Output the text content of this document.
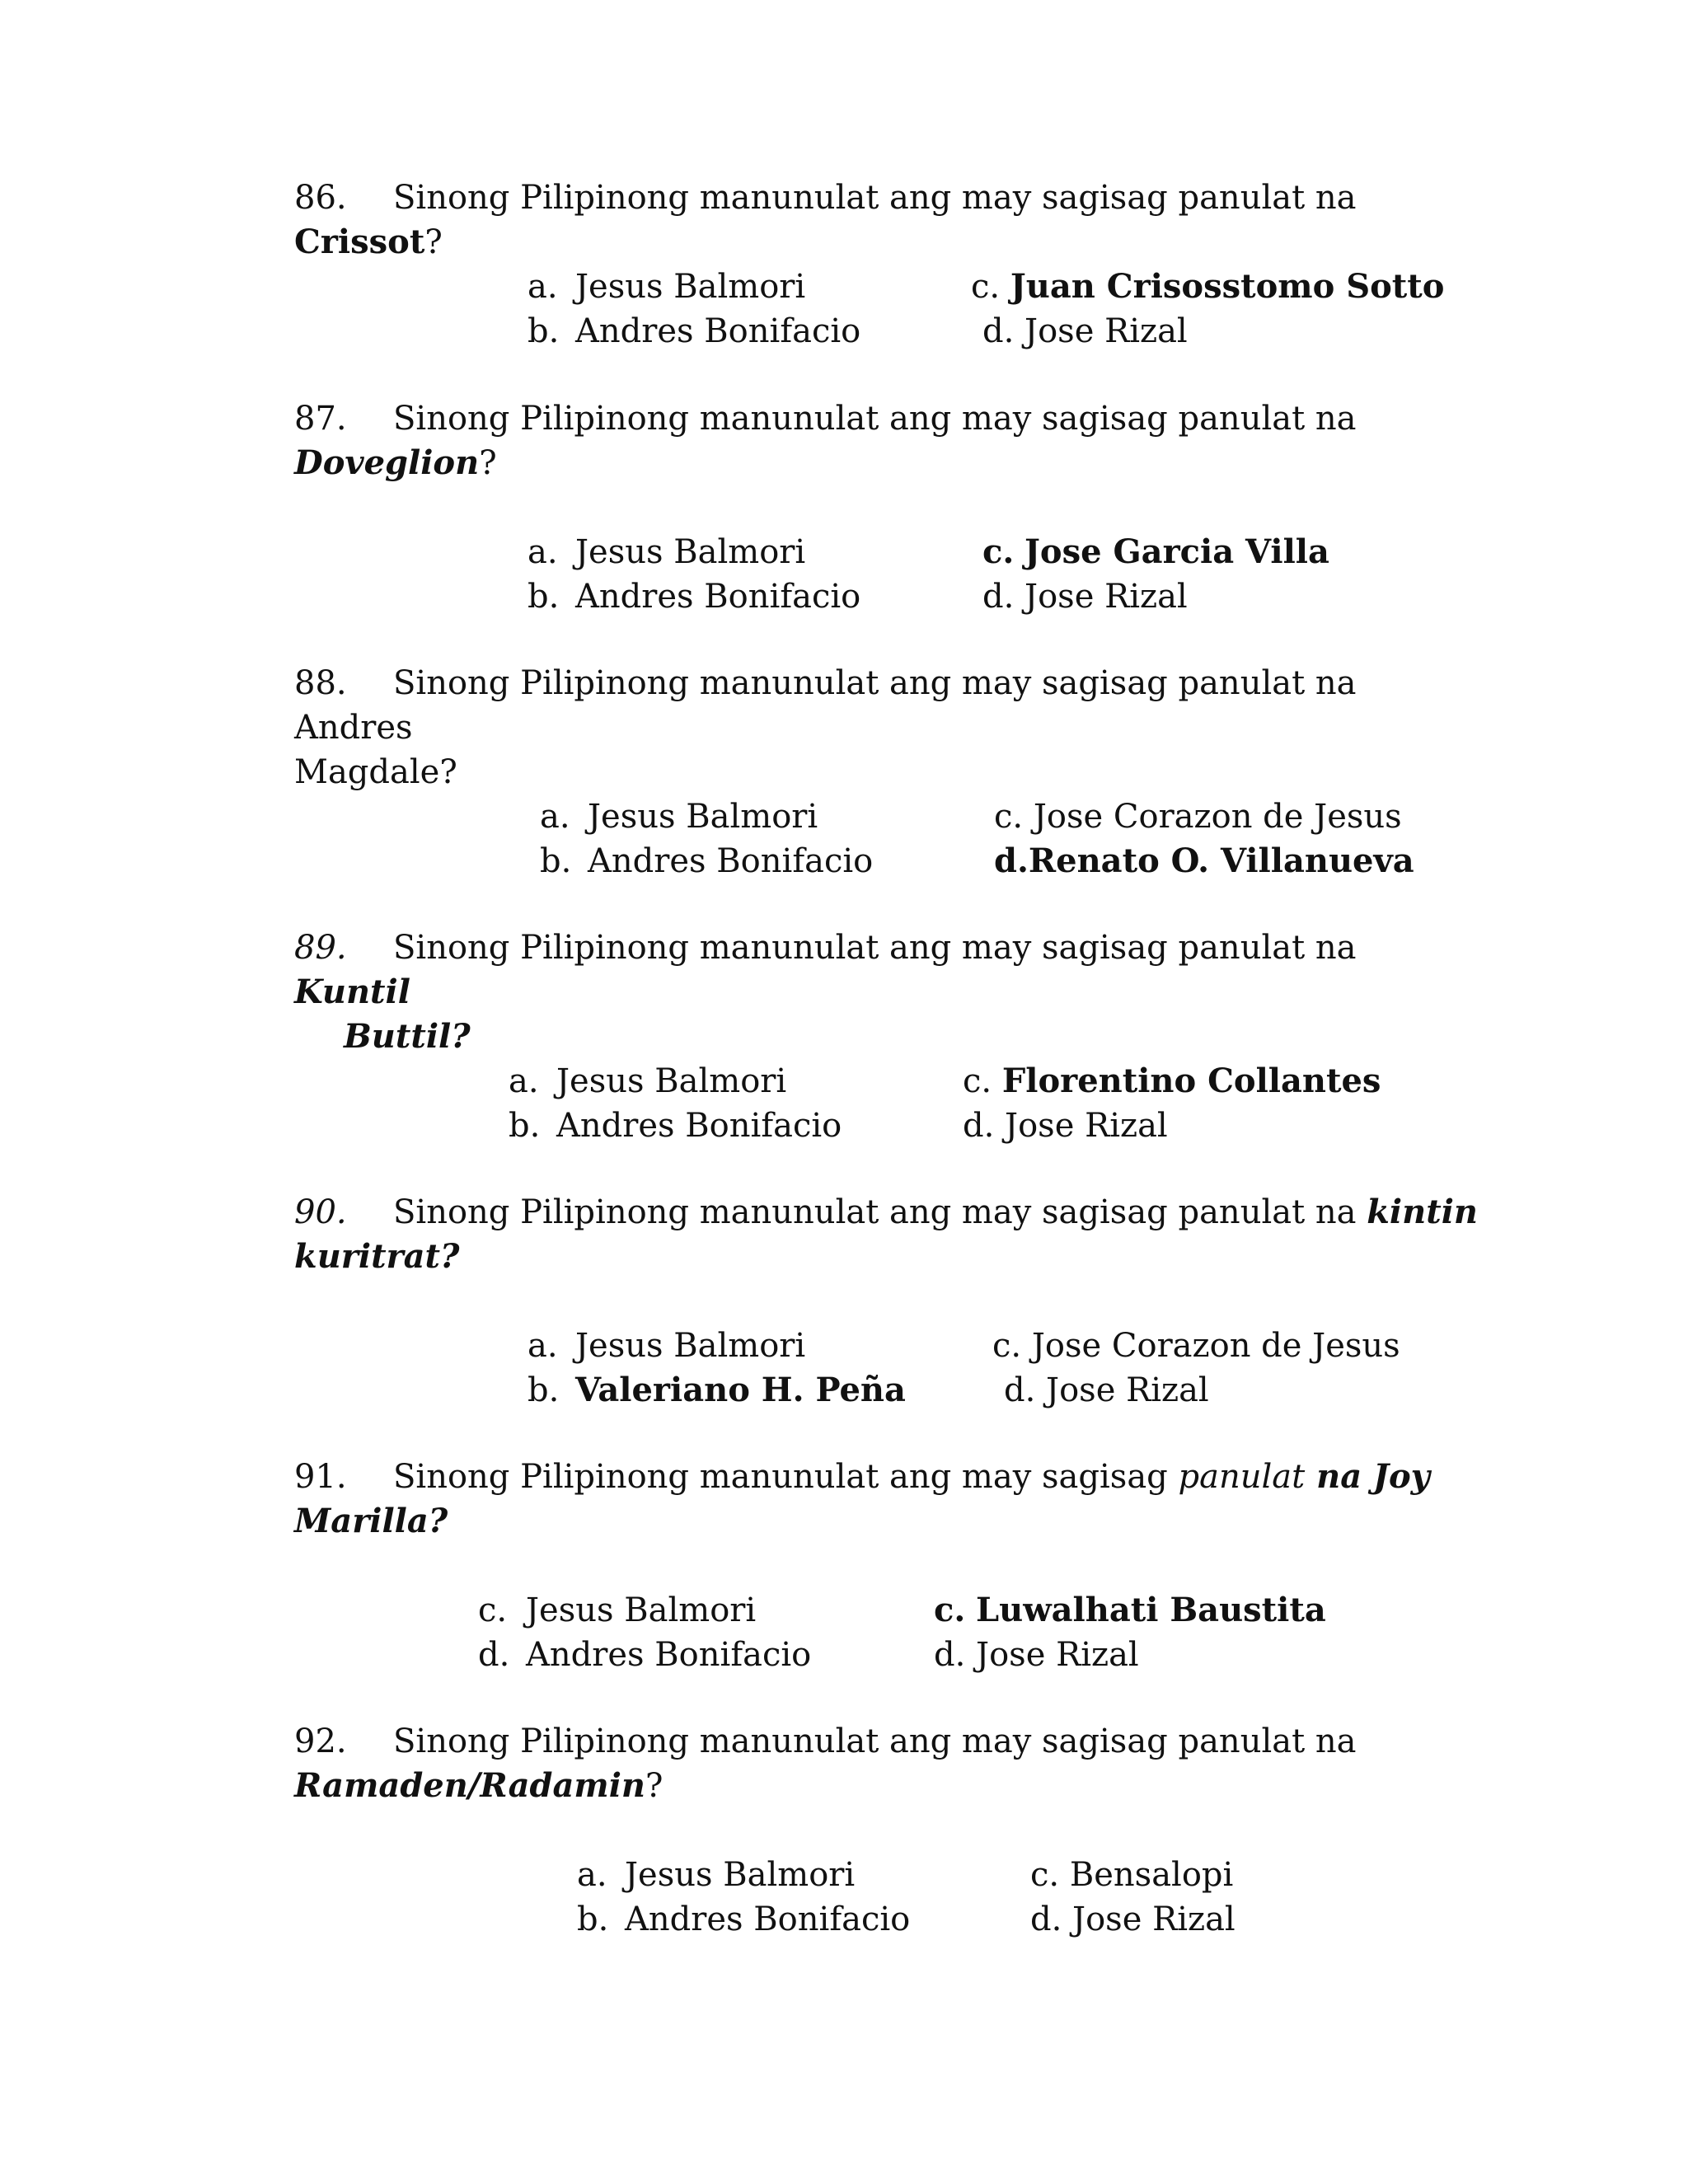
86. Sinong Pilipinong manunulat ang may sagisag panulat na Crissot?
a. Jesus Balmori
b. Andres Bonifacio
c. Juan Crisosstomo Sotto
d. Jose Rizal
87. Sinong Pilipinong manunulat ang may sagisag panulat na
Doveglion?
a. Jesus Balmori
b. Andres Bonifacio
c. Jose Garcia Villa
d. Jose Rizal
88. Sinong Pilipinong manunulat ang may sagisag panulat na Andres
Magdale?
a. Jesus Balmori
b. Andres Bonifacio
c. Jose Corazon de Jesus
d.Renato O. Villanueva
89. Sinong Pilipinong manunulat ang may sagisag panulat na Kuntil
Buttil?
a. Jesus Balmori
b. Andres Bonifacio
c. Florentino Collantes
d. Jose Rizal
90. Sinong Pilipinong manunulat ang may sagisag panulat na kintin
kuritrat?
a. Jesus Balmori
b. Valeriano H. Peña
c. Jose Corazon de Jesus
d. Jose Rizal
91. Sinong Pilipinong manunulat ang may sagisag panulat na Joy
Marilla?
c. Jesus Balmori
d. Andres Bonifacio
c. Luwalhati Baustita
d. Jose Rizal
92. Sinong Pilipinong manunulat ang may sagisag panulat na
Ramaden/Radamin?
a. Jesus Balmori
b. Andres Bonifacio
c. Bensalopi
d. Jose Rizal
